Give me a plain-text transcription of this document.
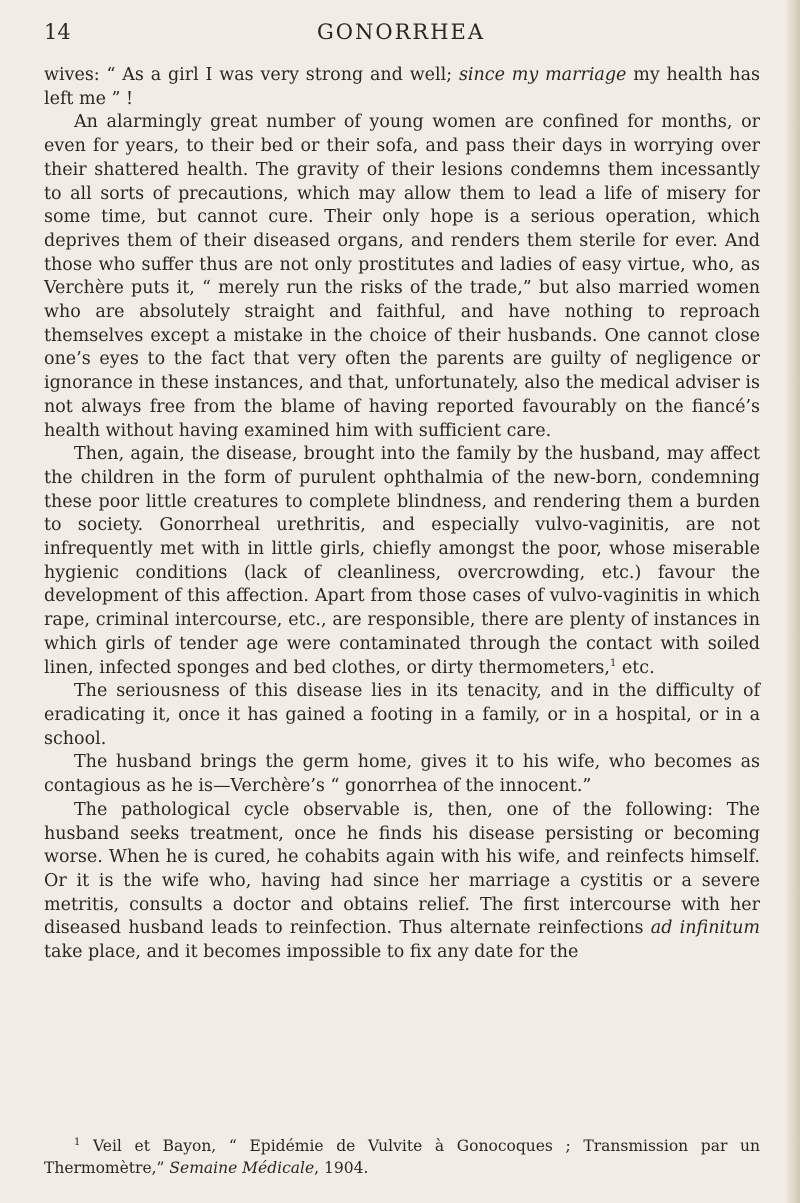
14	GONORRHEA

wives: “ As a girl I was very strong and well; since my marriage my health has left me ” !

An alarmingly great number of young women are confined for months, or even for years, to their bed or their sofa, and pass their days in worrying over their shattered health. The gravity of their lesions condemns them incessantly to all sorts of precautions, which may allow them to lead a life of misery for some time, but cannot cure. Their only hope is a serious operation, which deprives them of their diseased organs, and renders them sterile for ever. And those who suffer thus are not only prostitutes and ladies of easy virtue, who, as Verchère puts it, “ merely run the risks of the trade,” but also married women who are absolutely straight and faithful, and have nothing to reproach themselves except a mistake in the choice of their husbands. One cannot close one’s eyes to the fact that very often the parents are guilty of negligence or ignorance in these instances, and that, unfortunately, also the medical adviser is not always free from the blame of having reported favourably on the fiancé’s health without having examined him with sufficient care.

Then, again, the disease, brought into the family by the husband, may affect the children in the form of purulent ophthalmia of the new-born, condemning these poor little creatures to complete blindness, and rendering them a burden to society. Gonorrheal urethritis, and especially vulvo-vaginitis, are not infrequently met with in little girls, chiefly amongst the poor, whose miserable hygienic conditions (lack of cleanliness, overcrowding, etc.) favour the development of this affection. Apart from those cases of vulvo-vaginitis in which rape, criminal intercourse, etc., are responsible, there are plenty of instances in which girls of tender age were contaminated through the contact with soiled linen, infected sponges and bed clothes, or dirty thermometers,$^1$ etc.

The seriousness of this disease lies in its tenacity, and in the difficulty of eradicating it, once it has gained a footing in a family, or in a hospital, or in a school.

The husband brings the germ home, gives it to his wife, who becomes as contagious as he is—Verchère’s “ gonorrhea of the innocent.”

The pathological cycle observable is, then, one of the following: The husband seeks treatment, once he finds his disease persisting or becoming worse. When he is cured, he cohabits again with his wife, and reinfects himself. Or it is the wife who, having had since her marriage a cystitis or a severe metritis, consults a doctor and obtains relief. The first intercourse with her diseased husband leads to reinfection. Thus alternate reinfections ad infinitum take place, and it becomes impossible to fix any date for the

$^1$ Veil et Bayon, “ Epidémie de Vulvite à Gonocoques ; Transmission par un Thermomètre,” Semaine Médicale, 1904.
